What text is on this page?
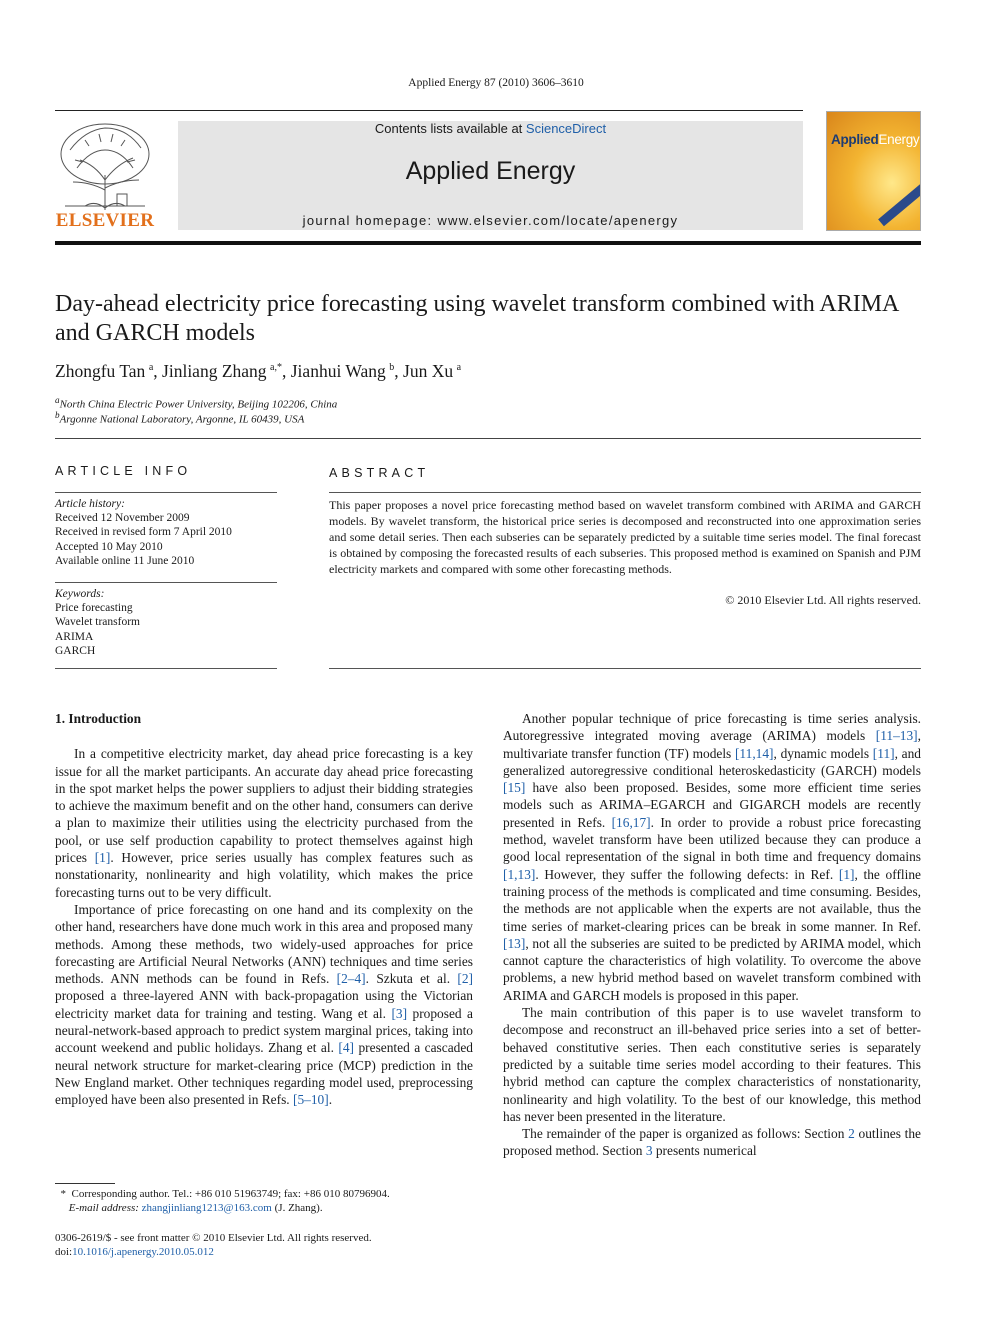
Applied Energy 87 (2010) 3606–3610
ELSEVIER
Contents lists available at ScienceDirect
Applied Energy
journal homepage: www.elsevier.com/locate/apenergy
AppliedEnergy
Day-ahead electricity price forecasting using wavelet transform combined with ARIMA and GARCH models
Zhongfu Tan  $^a$, Jinliang Zhang  $^{a,*}$, Jianhui Wang  $^b$, Jun Xu  $^a$
$^a$North China Electric Power University, Beijing 102206, China
$^b$Argonne National Laboratory, Argonne, IL 60439, USA
ARTICLE INFO	ABSTRACT
Article history:
Received 12 November 2009
Received in revised form 7 April 2010
Accepted 10 May 2010
Available online 11 June 2010
Keywords:
Price forecasting
Wavelet transform
ARIMA
GARCH
This paper proposes a novel price forecasting method based on wavelet transform combined with ARIMA and GARCH models. By wavelet transform, the historical price series is decomposed and reconstructed into one approximation series and some detail series. Then each subseries can be separately predicted by a suitable time series model. The final forecast is obtained by composing the forecasted results of each subseries. This proposed method is examined on Spanish and PJM electricity markets and compared with some other forecasting methods.
© 2010 Elsevier Ltd. All rights reserved.
1. Introduction

In a competitive electricity market, day ahead price forecasting is a key issue for all the market participants. An accurate day ahead price forecasting in the spot market helps the power suppliers to adjust their bidding strategies to achieve the maximum benefit and on the other hand, consumers can derive a plan to maximize their utilities using the electricity purchased from the pool, or use self production capability to protect themselves against high prices [1]. However, price series usually has complex features such as nonstationarity, nonlinearity and high volatility, which makes the price forecasting turns out to be very difficult.

Importance of price forecasting on one hand and its complexity on the other hand, researchers have done much work in this area and proposed many methods. Among these methods, two widely-used approaches for price forecasting are Artificial Neural Networks (ANN) techniques and time series methods. ANN methods can be found in Refs. [2–4]. Szkuta et al. [2] proposed a three-layered ANN with back-propagation using the Victorian electricity market data for training and testing. Wang et al. [3] proposed a neural-network-based approach to predict system marginal prices, taking into account weekend and public holidays. Zhang et al. [4] presented a cascaded neural network structure for market-clearing price (MCP) prediction in the New England market. Other techniques regarding model used, preprocessing employed have been also presented in Refs. [5–10].

Another popular technique of price forecasting is time series analysis. Autoregressive integrated moving average (ARIMA) models [11–13], multivariate transfer function (TF) models [11,14], dynamic models [11], and generalized autoregressive conditional heteroskedasticity (GARCH) models [15] have also been proposed. Besides, some more efficient time series models such as ARIMA–EGARCH and GIGARCH models are recently presented in Refs. [16,17]. In order to provide a robust price forecasting method, wavelet transform have been utilized because they can produce a good local representation of the signal in both time and frequency domains [1,13]. However, they suffer the following defects: in Ref. [1], the offline training process of the methods is complicated and time consuming. Besides, the methods are not applicable when the experts are not available, thus the time series of market-clearing prices can be break in some manner. In Ref. [13], not all the subseries are suited to be predicted by ARIMA model, which cannot capture the characteristics of high volatility. To overcome the above problems, a new hybrid method based on wavelet transform combined with ARIMA and GARCH models is proposed in this paper.

The main contribution of this paper is to use wavelet transform to decompose and reconstruct an ill-behaved price series into a set of better-behaved constitutive series. Then each constitutive series is separately predicted by a suitable time series model according to their features. This hybrid method can capture the complex characteristics of nonstationarity, nonlinearity and high volatility. To the best of our knowledge, this method has never been presented in the literature.

The remainder of the paper is organized as follows: Section 2 outlines the proposed method. Section 3 presents numerical

* Corresponding author. Tel.: +86 010 51963749; fax: +86 010 80796904.
E-mail address: zhangjinliang1213@163.com (J. Zhang).
0306-2619/$ - see front matter © 2010 Elsevier Ltd. All rights reserved.
doi:10.1016/j.apenergy.2010.05.012
